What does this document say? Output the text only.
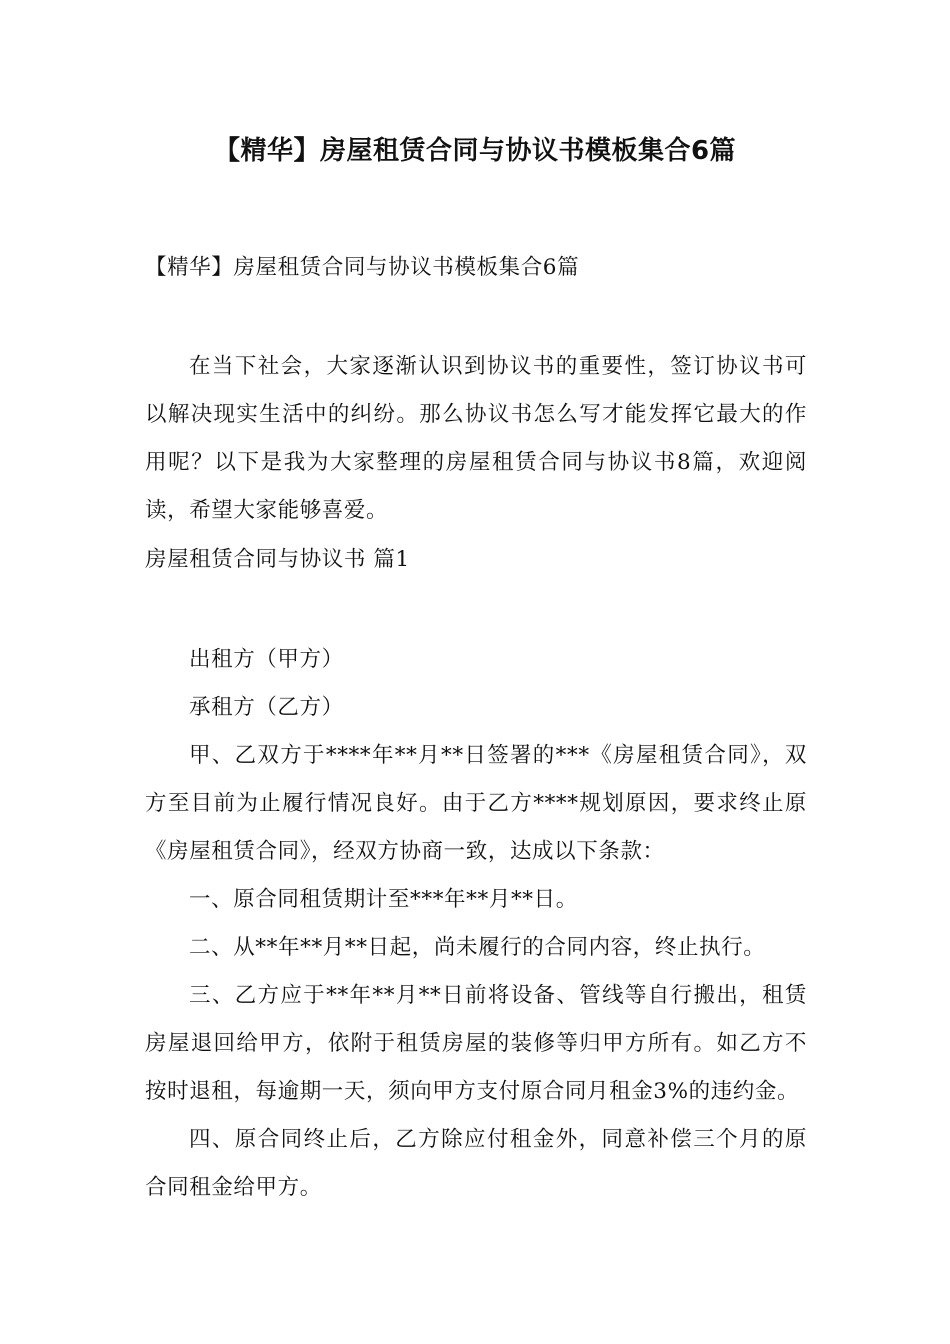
【精华】房屋租赁合同与协议书模板集合6篇
【精华】房屋租赁合同与协议书模板集合6篇
在当下社会，大家逐渐认识到协议书的重要性，签订协议书可以解决现实生活中的纠纷。那么协议书怎么写才能发挥它最大的作用呢？以下是我为大家整理的房屋租赁合同与协议书8篇，欢迎阅读，希望大家能够喜爱。
房屋租赁合同与协议书 篇1

出租方（甲方）

承租方（乙方）

甲、乙双方于****年**月**日签署的***《房屋租赁合同》，双方至目前为止履行情况良好。由于乙方****规划原因，要求终止原《房屋租赁合同》，经双方协商一致，达成以下条款：

一、原合同租赁期计至***年**月**日。

二、从**年**月**日起，尚未履行的合同内容，终止执行。

三、乙方应于**年**月**日前将设备、管线等自行搬出，租赁房屋退回给甲方，依附于租赁房屋的装修等归甲方所有。如乙方不按时退租，每逾期一天，须向甲方支付原合同月租金3%的违约金。

四、原合同终止后，乙方除应付租金外，同意补偿三个月的原合同租金给甲方。
